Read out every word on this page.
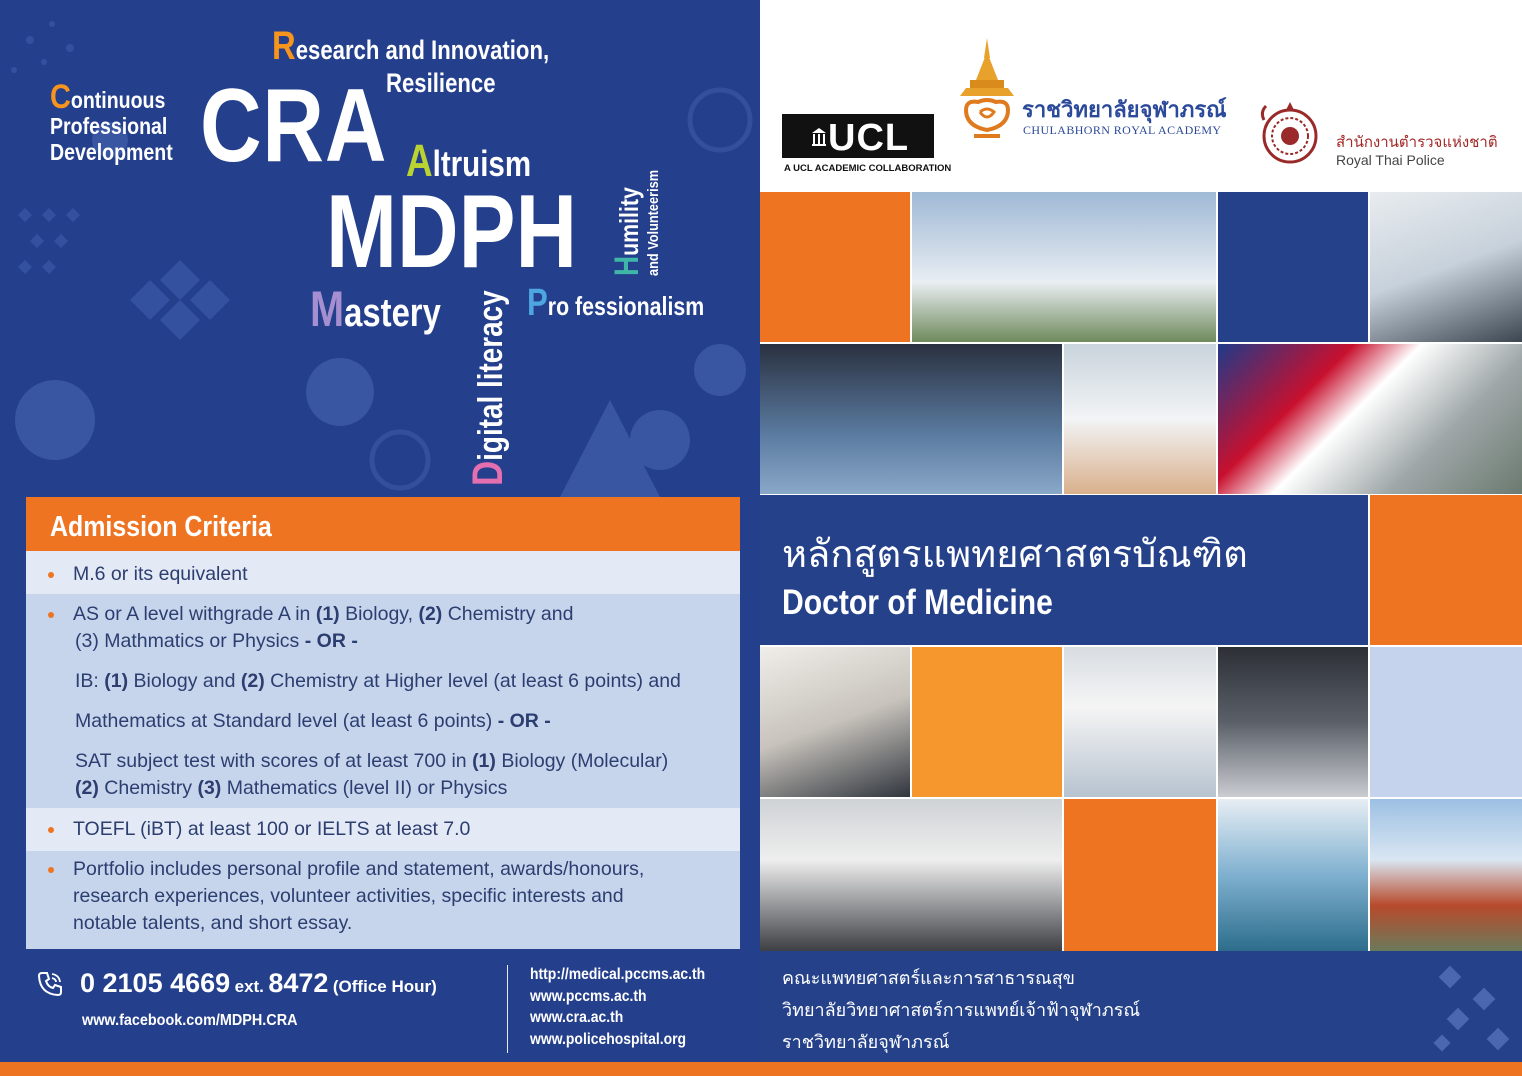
Continuous
Professional
Development
Research and Innovation,
Resilience
CRA Altruism
MDPH
Mastery Pro fessionalism
Digital literacy
Humility and Volunteerism
Admission Criteria
M.6 or its equivalent
AS or A level withgrade A in (1) Biology, (2) Chemistry and
(3) Mathmatics or Physics - OR -
IB: (1) Biology and (2) Chemistry at Higher level (at least 6 points) and
Mathematics at Standard level (at least 6 points) - OR -
SAT subject test with scores of at least 700 in (1) Biology (Molecular)
(2) Chemistry (3) Mathematics (level II) or Physics
TOEFL (iBT) at least 100 or IELTS at least 7.0
Portfolio includes personal profile and statement, awards/honours,
research experiences, volunteer activities, specific interests and
notable talents, and short essay.
0 2105 4669 ext. 8472 (Office Hour)
www.facebook.com/MDPH.CRA
http://medical.pccms.ac.th
www.pccms.ac.th
www.cra.ac.th
www.policehospital.org
UCL
A UCL ACADEMIC COLLABORATION
ราชวิทยาลัยจุฬาภรณ์
CHULABHORN ROYAL ACADEMY
สำนักงานตำรวจแห่งชาติ
Royal Thai Police
หลักสูตรแพทยศาสตรบัณฑิต
Doctor of Medicine
คณะแพทยศาสตร์และการสาธารณสุข
วิทยาลัยวิทยาศาสตร์การแพทย์เจ้าฟ้าจุฬาภรณ์
ราชวิทยาลัยจุฬาภรณ์
